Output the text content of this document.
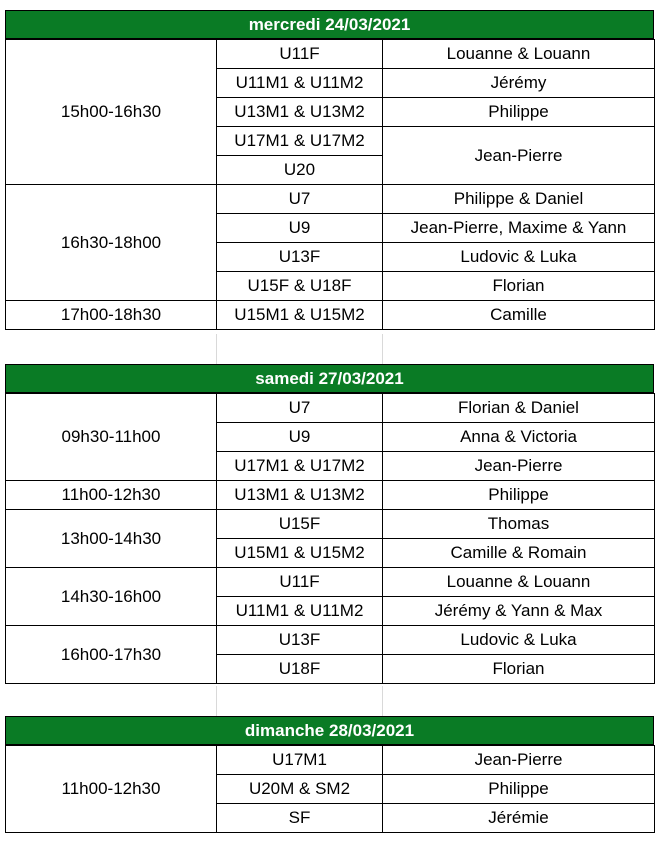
mercredi 24/03/2021
15h00-16h30	U11F	Louanne & Louann
	U11M1 & U11M2	Jérémy
	U13M1 & U13M2	Philippe
	U17M1 & U17M2	Jean-Pierre
	U20	
16h30-18h00	U7	Philippe & Daniel
	U9	Jean-Pierre, Maxime & Yann
	U13F	Ludovic & Luka
	U15F & U18F	Florian
17h00-18h30	U15M1 & U15M2	Camille
samedi 27/03/2021
09h30-11h00	U7	Florian & Daniel
	U9	Anna & Victoria
	U17M1 & U17M2	Jean-Pierre
11h00-12h30	U13M1 & U13M2	Philippe
13h00-14h30	U15F	Thomas
	U15M1 & U15M2	Camille & Romain
14h30-16h00	U11F	Louanne & Louann
	U11M1 & U11M2	Jérémy & Yann & Max
16h00-17h30	U13F	Ludovic & Luka
	U18F	Florian
dimanche 28/03/2021
11h00-12h30	U17M1	Jean-Pierre
	U20M & SM2	Philippe
	SF	Jérémie
